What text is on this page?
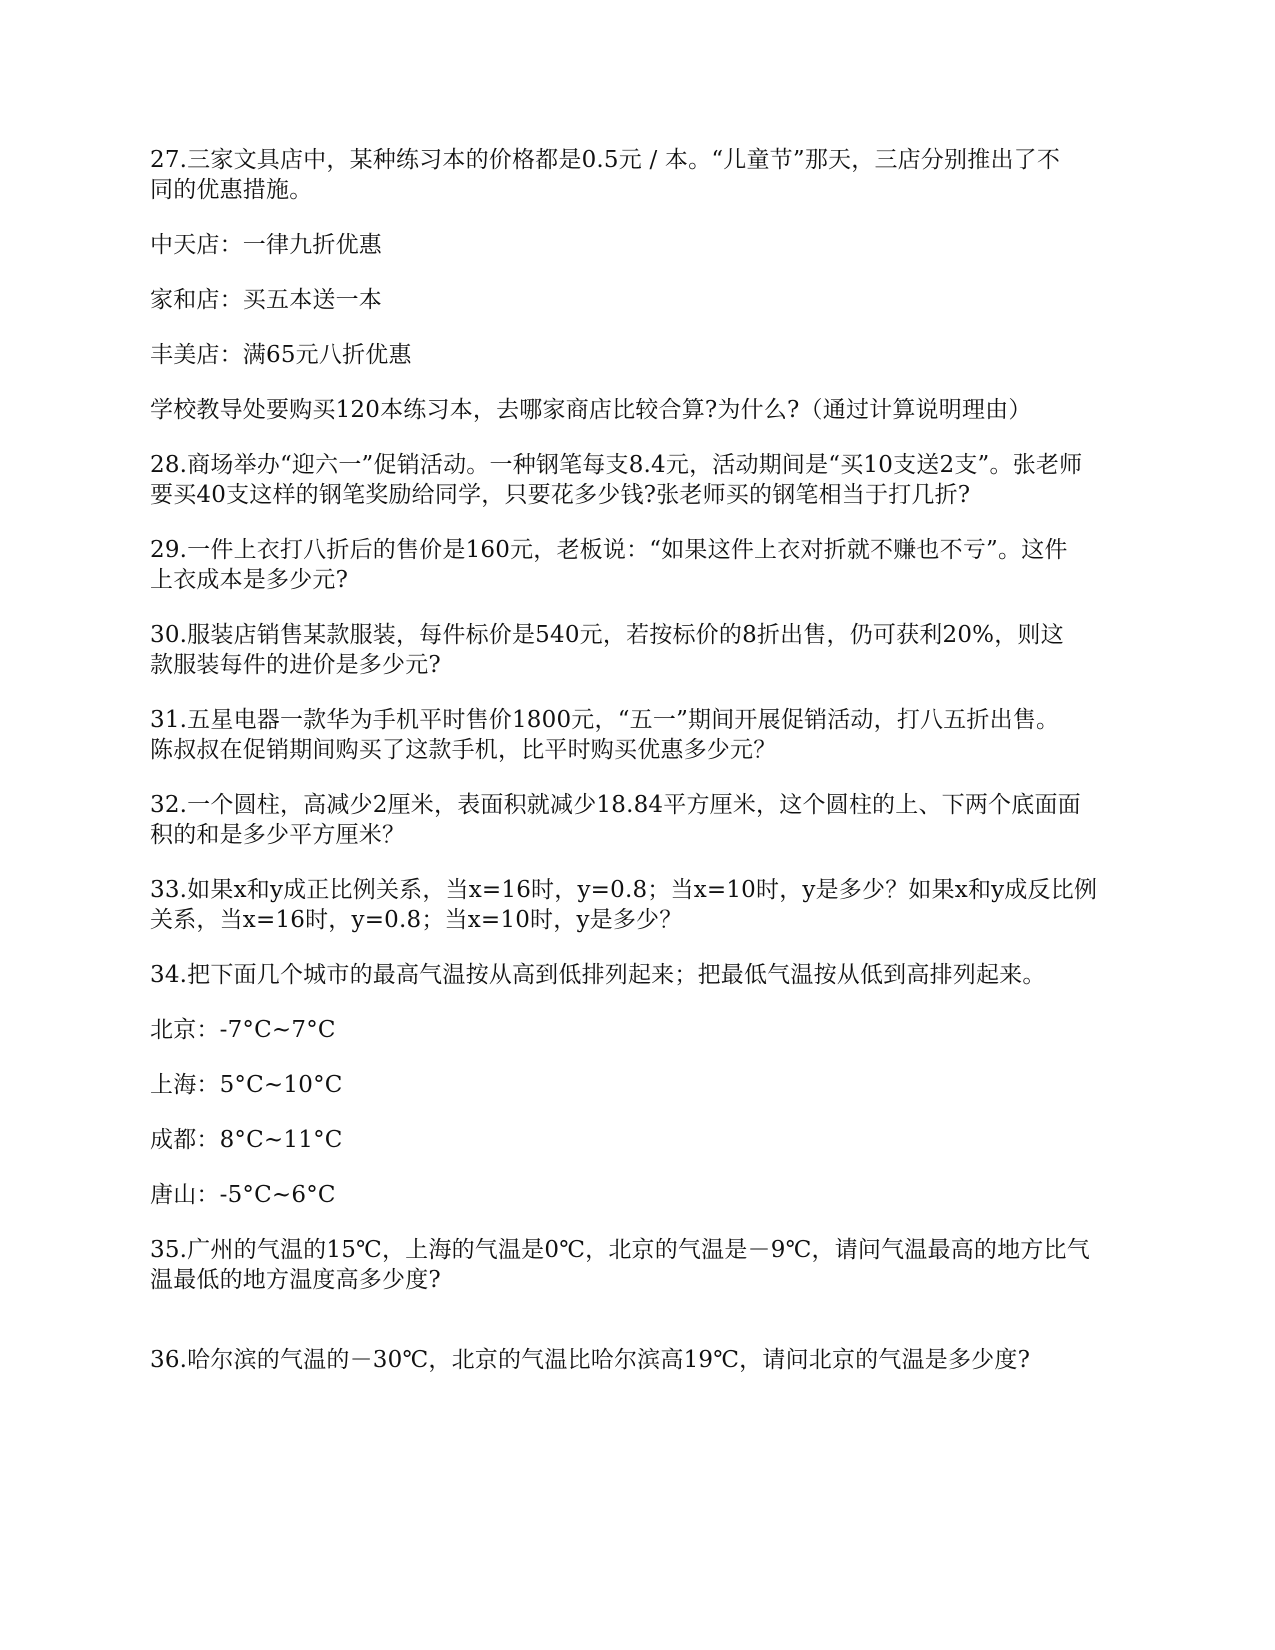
27.三家文具店中，某种练习本的价格都是0.5元 / 本。“儿童节”那天，三店分别推出了不
同的优惠措施。
中天店：一律九折优惠
家和店：买五本送一本
丰美店：满65元八折优惠
学校教导处要购买120本练习本，去哪家商店比较合算?为什么?（通过计算说明理由）
28.商场举办“迎六一”促销活动。一种钢笔每支8.4元，活动期间是“买10支送2支”。张老师
要买40支这样的钢笔奖励给同学，只要花多少钱?张老师买的钢笔相当于打几折?
29.一件上衣打八折后的售价是160元，老板说：“如果这件上衣对折就不赚也不亏”。这件
上衣成本是多少元?
30.服装店销售某款服装，每件标价是540元，若按标价的8折出售，仍可获利20%，则这
款服装每件的进价是多少元?
31.五星电器一款华为手机平时售价1800元，“五一”期间开展促销活动，打八五折出售。
陈叔叔在促销期间购买了这款手机，比平时购买优惠多少元？
32.一个圆柱，高减少2厘米，表面积就减少18.84平方厘米，这个圆柱的上、下两个底面面
积的和是多少平方厘米？
33.如果x和y成正比例关系，当x=16时，y=0.8；当x=10时，y是多少？如果x和y成反比例
关系，当x=16时，y=0.8；当x=10时，y是多少？
34.把下面几个城市的最高气温按从高到低排列起来；把最低气温按从低到高排列起来。
北京：-7°C~7°C
上海：5°C~10°C
成都：8°C~11°C
唐山：-5°C~6°C
35.广州的气温的15℃，上海的气温是0℃，北京的气温是－9℃，请问气温最高的地方比气
温最低的地方温度高多少度?
36.哈尔滨的气温的－30℃，北京的气温比哈尔滨高19℃，请问北京的气温是多少度?
